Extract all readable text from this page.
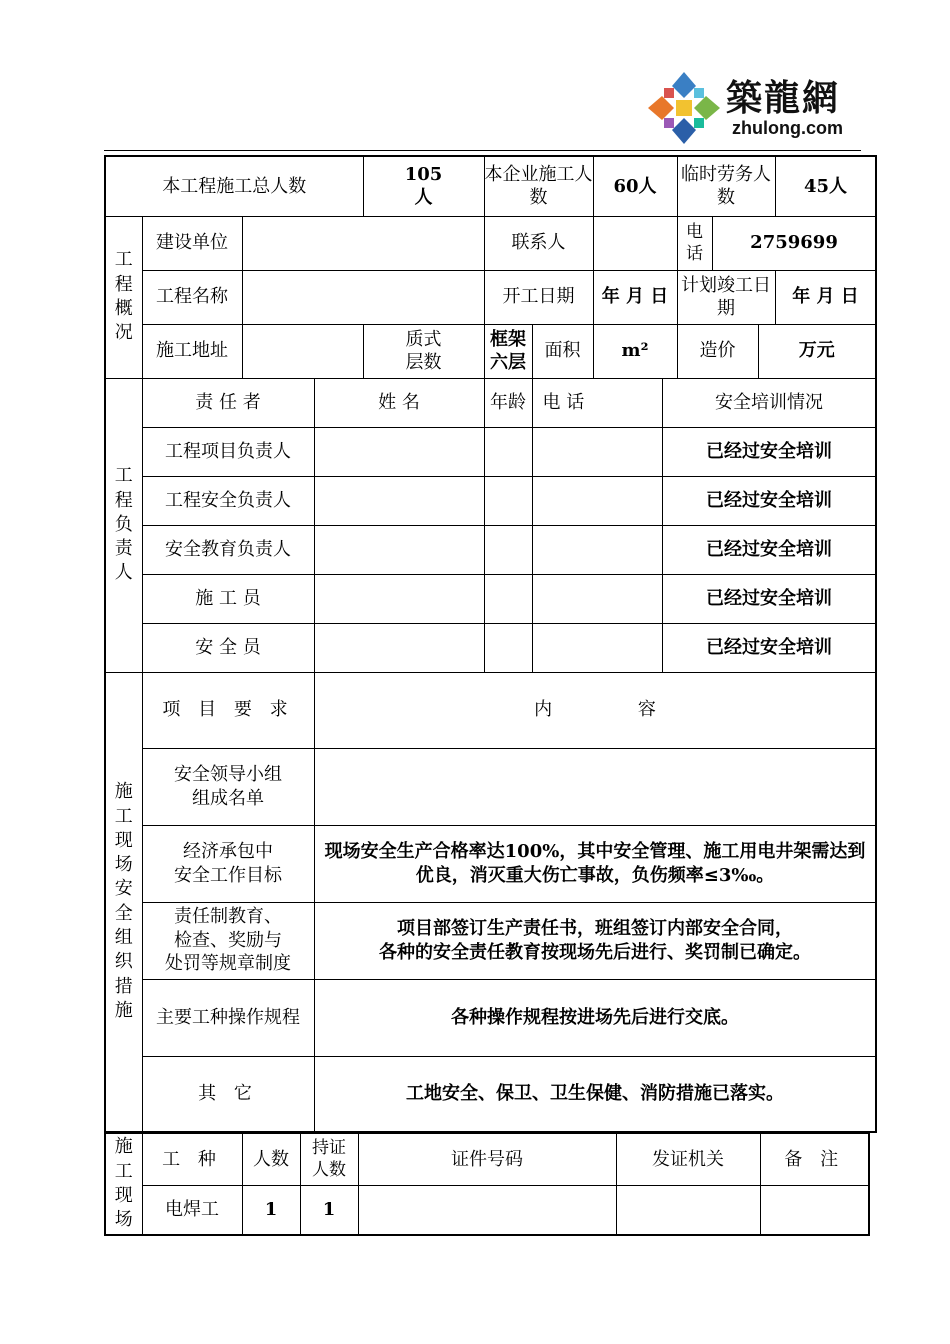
築龍網
zhulong.com
本工程施工总人数				105人	本企业施工人数		60人		临时劳务人数			45人

工程概况	建设单位				联系人				电话	2759699		
	工程名称				开工日期		年 月 日		计划竣工日期			年 月 日
	施工地址			质式层数	框架六层	面积	m²		造价		万元	

工程负责人	责 任 者		姓 名		年龄	电 话		安全培训情况				
	工程项目负责人							已经过安全培训				
	工程安全负责人							已经过安全培训				
	安全教育负责人							已经过安全培训				
	施 工 员							已经过安全培训				
	安 全 员							已经过安全培训				

施工现场安全组织措施	项 目 要 求		内 容									
	安全领导小组
组成名单											
	经济承包中
安全工作目标		现场安全生产合格率达100%，其中安全管理、施工用电井架需达到优良，消灭重大伤亡事故，负伤频率≤3‰。									

	责任制教育、
检查、奖励与
处罚等规章制度		项目部签订生产责任书，班组签订内部安全合同，
各种的安全责任教育按现场先后进行、奖罚制已确定。									
	主要工种操作规程		各种操作规程按进场先后进行交底。									
	其 它		工地安全、保卫、卫生保健、消防措施已落实。									
施工现场	工 种	人数	持证人数	证件号码	发证机关	备 注
	电焊工	1	1			
